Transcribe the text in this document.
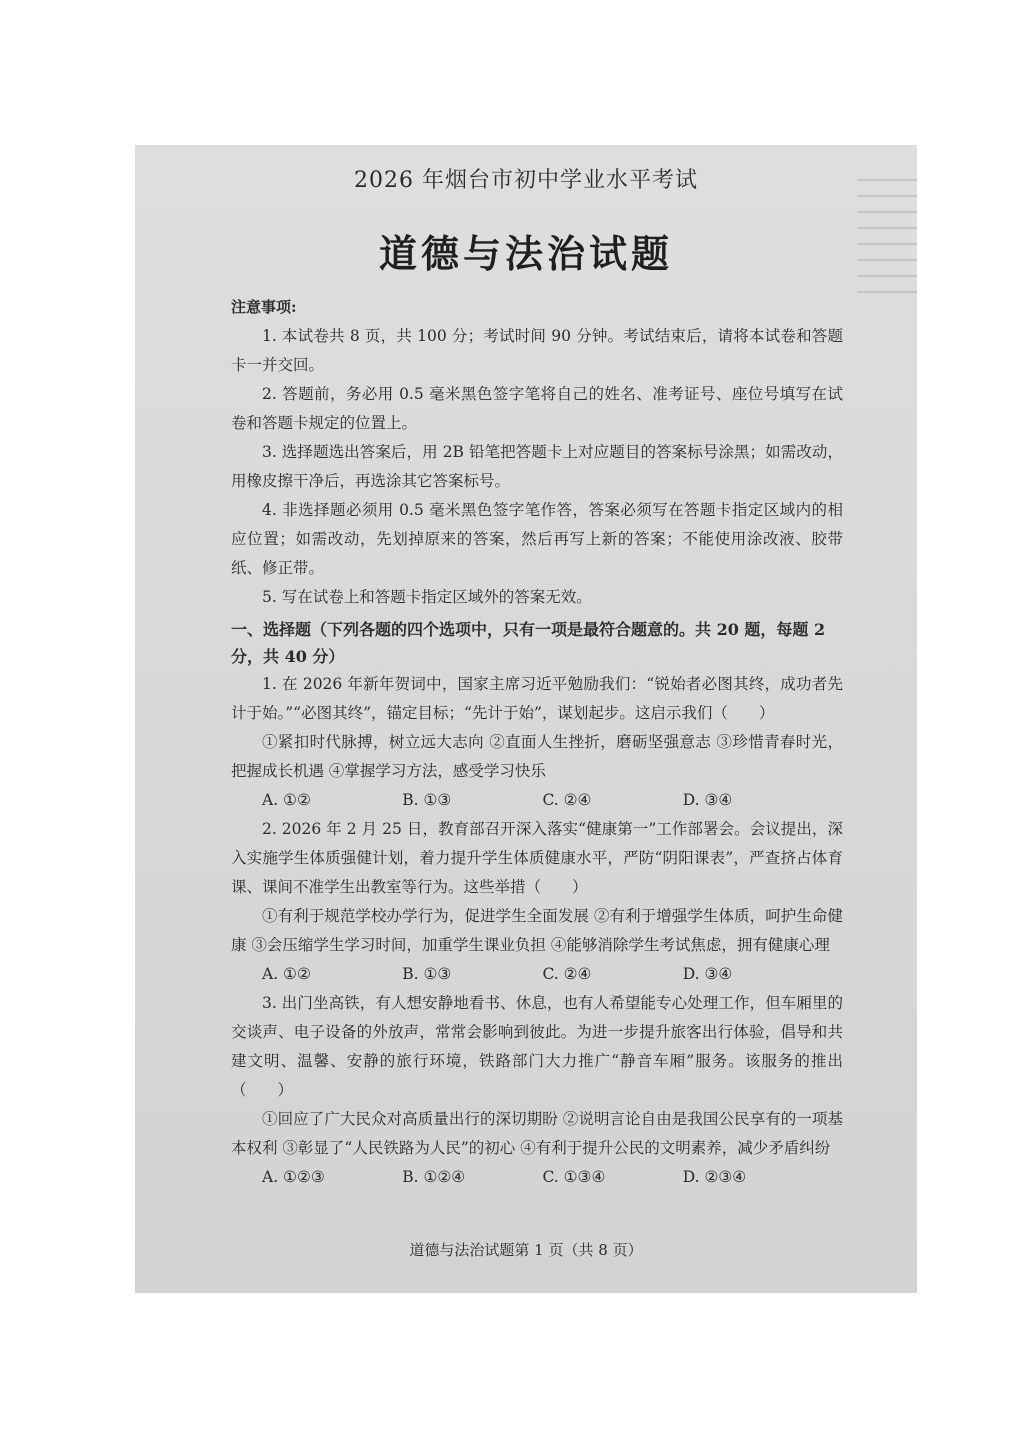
2026 年烟台市初中学业水平考试
道德与法治试题
注意事项:
1. 本试卷共 8 页，共 100 分；考试时间 90 分钟。考试结束后，请将本试卷和答题卡一并交回。
2. 答题前，务必用 0.5 毫米黑色签字笔将自己的姓名、准考证号、座位号填写在试卷和答题卡规定的位置上。
3. 选择题选出答案后，用 2B 铅笔把答题卡上对应题目的答案标号涂黑；如需改动，用橡皮擦干净后，再选涂其它答案标号。
4. 非选择题必须用 0.5 毫米黑色签字笔作答，答案必须写在答题卡指定区域内的相应位置；如需改动，先划掉原来的答案，然后再写上新的答案；不能使用涂改液、胶带纸、修正带。
5. 写在试卷上和答题卡指定区域外的答案无效。
一、选择题（下列各题的四个选项中，只有一项是最符合题意的。共 20 题，每题 2 分，共 40 分）
1. 在 2026 年新年贺词中，国家主席习近平勉励我们：“锐始者必图其终，成功者先计于始。”“必图其终”，锚定目标；“先计于始”，谋划起步。这启示我们（　　）
①紧扣时代脉搏，树立远大志向 ②直面人生挫折，磨砺坚强意志 ③珍惜青春时光，把握成长机遇 ④掌握学习方法，感受学习快乐
A. ①②	B. ①③	C. ②④	D. ③④
2. 2026 年 2 月 25 日，教育部召开深入落实“健康第一”工作部署会。会议提出，深入实施学生体质强健计划，着力提升学生体质健康水平，严防“阴阳课表”，严查挤占体育课、课间不准学生出教室等行为。这些举措（　　）
①有利于规范学校办学行为，促进学生全面发展 ②有利于增强学生体质，呵护生命健康 ③会压缩学生学习时间，加重学生课业负担 ④能够消除学生考试焦虑，拥有健康心理
A. ①②	B. ①③	C. ②④	D. ③④
3. 出门坐高铁，有人想安静地看书、休息，也有人希望能专心处理工作，但车厢里的交谈声、电子设备的外放声，常常会影响到彼此。为进一步提升旅客出行体验，倡导和共建文明、温馨、安静的旅行环境，铁路部门大力推广“静音车厢”服务。该服务的推出（　　）
①回应了广大民众对高质量出行的深切期盼 ②说明言论自由是我国公民享有的一项基本权利 ③彰显了“人民铁路为人民”的初心 ④有利于提升公民的文明素养，减少矛盾纠纷
A. ①②③	B. ①②④	C. ①③④	D. ②③④
道德与法治试题第 1 页（共 8 页）
